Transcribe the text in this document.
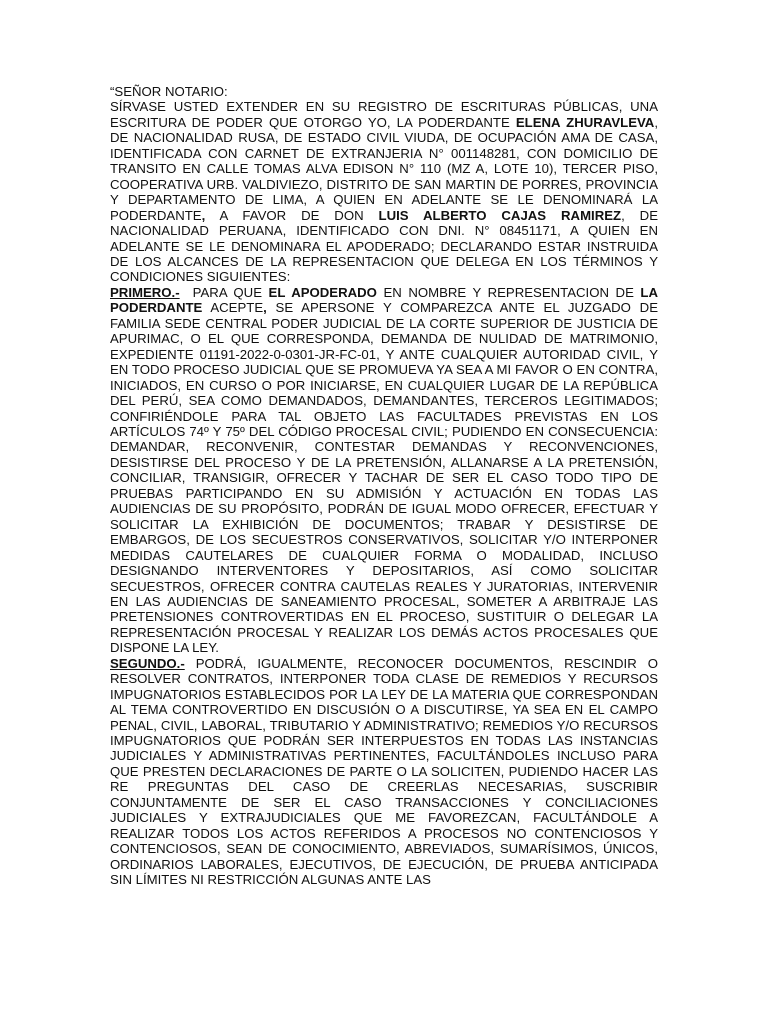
“SEÑOR NOTARIO:

SÍRVASE USTED EXTENDER EN SU REGISTRO DE ESCRITURAS PÚBLICAS, UNA ESCRITURA DE PODER QUE OTORGO YO, LA PODERDANTE ELENA ZHURAVLEVA, DE NACIONALIDAD RUSA, DE ESTADO CIVIL VIUDA, DE OCUPACIÓN AMA DE CASA, IDENTIFICADA CON CARNET DE EXTRANJERIA N° 001148281, CON DOMICILIO DE TRANSITO EN CALLE TOMAS ALVA EDISON N° 110 (MZ A, LOTE 10), TERCER PISO, COOPERATIVA URB. VALDIVIEZO, DISTRITO DE SAN MARTIN DE PORRES, PROVINCIA Y DEPARTAMENTO DE LIMA, A QUIEN EN ADELANTE SE LE DENOMINARÁ LA PODERDANTE, A FAVOR DE DON LUIS ALBERTO CAJAS RAMIREZ, DE NACIONALIDAD PERUANA, IDENTIFICADO CON DNI. N° 08451171, A QUIEN EN ADELANTE SE LE DENOMINARA EL APODERADO; DECLARANDO ESTAR INSTRUIDA DE LOS ALCANCES DE LA REPRESENTACION QUE DELEGA EN LOS TÉRMINOS Y CONDICIONES SIGUIENTES:

PRIMERO.-  PARA QUE EL APODERADO EN NOMBRE Y REPRESENTACION DE LA PODERDANTE ACEPTE, SE APERSONE Y COMPAREZCA ANTE EL JUZGADO DE FAMILIA SEDE CENTRAL PODER JUDICIAL DE LA CORTE SUPERIOR DE JUSTICIA DE APURIMAC, O EL QUE CORRESPONDA, DEMANDA DE NULIDAD DE MATRIMONIO, EXPEDIENTE 01191-2022-0-0301-JR-FC-01, Y ANTE CUALQUIER AUTORIDAD CIVIL, Y EN TODO PROCESO JUDICIAL QUE SE PROMUEVA YA SEA A MI FAVOR O EN CONTRA, INICIADOS, EN CURSO O POR INICIARSE, EN CUALQUIER LUGAR DE LA REPÚBLICA DEL PERÚ, SEA COMO DEMANDADOS, DEMANDANTES, TERCEROS LEGITIMADOS; CONFIRIÉNDOLE PARA TAL OBJETO LAS FACULTADES PREVISTAS EN LOS ARTÍCULOS 74º Y 75º DEL CÓDIGO PROCESAL CIVIL; PUDIENDO EN CONSECUENCIA: DEMANDAR, RECONVENIR, CONTESTAR DEMANDAS Y RECONVENCIONES, DESISTIRSE DEL PROCESO Y DE LA PRETENSIÓN, ALLANARSE A LA PRETENSIÓN, CONCILIAR, TRANSIGIR, OFRECER Y TACHAR DE SER EL CASO TODO TIPO DE PRUEBAS PARTICIPANDO EN SU ADMISIÓN Y ACTUACIÓN EN TODAS LAS AUDIENCIAS DE SU PROPÓSITO, PODRÁN DE IGUAL MODO OFRECER, EFECTUAR Y SOLICITAR LA EXHIBICIÓN DE DOCUMENTOS; TRABAR Y DESISTIRSE DE EMBARGOS, DE LOS SECUESTROS CONSERVATIVOS, SOLICITAR Y/O INTERPONER MEDIDAS CAUTELARES DE CUALQUIER FORMA O MODALIDAD, INCLUSO DESIGNANDO INTERVENTORES Y DEPOSITARIOS, ASÍ COMO SOLICITAR SECUESTROS, OFRECER CONTRA CAUTELAS REALES Y JURATORIAS, INTERVENIR EN LAS AUDIENCIAS DE SANEAMIENTO PROCESAL, SOMETER A ARBITRAJE LAS PRETENSIONES CONTROVERTIDAS EN EL PROCESO, SUSTITUIR O DELEGAR LA REPRESENTACIÓN PROCESAL Y REALIZAR LOS DEMÁS ACTOS PROCESALES QUE DISPONE LA LEY.

SEGUNDO.- PODRÁ, IGUALMENTE, RECONOCER DOCUMENTOS, RESCINDIR O RESOLVER CONTRATOS, INTERPONER TODA CLASE DE REMEDIOS Y RECURSOS IMPUGNATORIOS ESTABLECIDOS POR LA LEY DE LA MATERIA QUE CORRESPONDAN AL TEMA CONTROVERTIDO EN DISCUSIÓN O A DISCUTIRSE, YA SEA EN EL CAMPO PENAL, CIVIL, LABORAL, TRIBUTARIO Y ADMINISTRATIVO; REMEDIOS Y/O RECURSOS IMPUGNATORIOS QUE PODRÁN SER INTERPUESTOS EN TODAS LAS INSTANCIAS JUDICIALES Y ADMINISTRATIVAS PERTINENTES, FACULTÁNDOLES INCLUSO PARA QUE PRESTEN DECLARACIONES DE PARTE O LA SOLICITEN, PUDIENDO HACER LAS RE PREGUNTAS DEL CASO DE CREERLAS NECESARIAS, SUSCRIBIR CONJUNTAMENTE DE SER EL CASO TRANSACCIONES Y CONCILIACIONES JUDICIALES Y EXTRAJUDICIALES QUE ME FAVOREZCAN, FACULTÁNDOLE A REALIZAR TODOS LOS ACTOS REFERIDOS A PROCESOS NO CONTENCIOSOS Y CONTENCIOSOS, SEAN DE CONOCIMIENTO, ABREVIADOS, SUMARÍSIMOS, ÚNICOS, ORDINARIOS LABORALES, EJECUTIVOS, DE EJECUCIÓN, DE PRUEBA ANTICIPADA SIN LÍMITES NI RESTRICCIÓN ALGUNAS ANTE LAS
